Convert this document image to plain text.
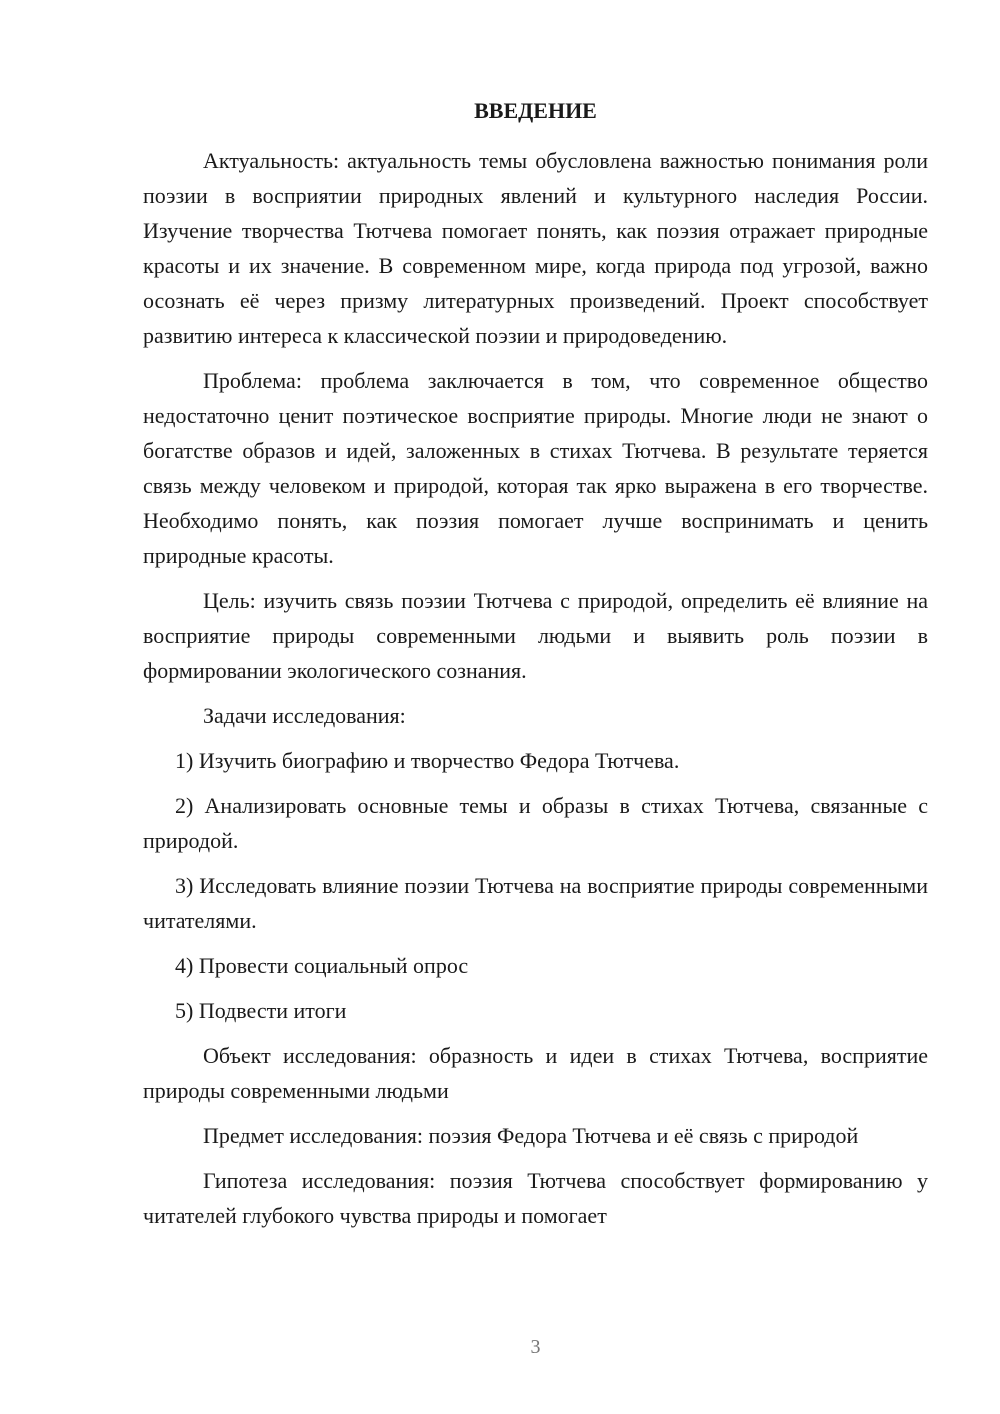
ВВЕДЕНИЕ

Актуальность: актуальность темы обусловлена важностью понимания роли поэзии в восприятии природных явлений и культурного наследия России. Изучение творчества Тютчева помогает понять, как поэзия отражает природные красоты и их значение. В современном мире, когда природа под угрозой, важно осознать её через призму литературных произведений. Проект способствует развитию интереса к классической поэзии и природоведению.

Проблема: проблема заключается в том, что современное общество недостаточно ценит поэтическое восприятие природы. Многие люди не знают о богатстве образов и идей, заложенных в стихах Тютчева. В результате теряется связь между человеком и природой, которая так ярко выражена в его творчестве. Необходимо понять, как поэзия помогает лучше воспринимать и ценить природные красоты.

Цель: изучить связь поэзии Тютчева с природой, определить её влияние на восприятие природы современными людьми и выявить роль поэзии в формировании экологического сознания.

Задачи исследования:

1) Изучить биографию и творчество Федора Тютчева.

2) Анализировать основные темы и образы в стихах Тютчева, связанные с природой.

3) Исследовать влияние поэзии Тютчева на восприятие природы современными читателями.

4) Провести социальный опрос

5) Подвести итоги

Объект исследования: образность и идеи в стихах Тютчева, восприятие природы современными людьми

Предмет исследования: поэзия Федора Тютчева и её связь с природой

Гипотеза исследования: поэзия Тютчева способствует формированию у читателей глубокого чувства природы и помогает

3
